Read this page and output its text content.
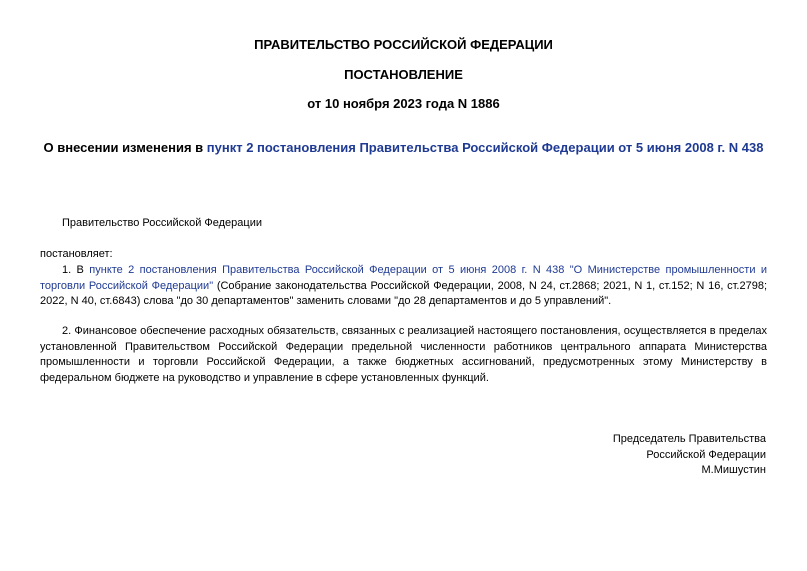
ПРАВИТЕЛЬСТВО РОССИЙСКОЙ ФЕДЕРАЦИИ
ПОСТАНОВЛЕНИЕ
от 10 ноября 2023 года N 1886
О внесении изменения в пункт 2 постановления Правительства Российской Федерации от 5 июня 2008 г. N 438
Правительство Российской Федерации
постановляет:
1. В пункте 2 постановления Правительства Российской Федерации от 5 июня 2008 г. N 438 "О Министерстве промышленности и торговли Российской Федерации" (Собрание законодательства Российской Федерации, 2008, N 24, ст.2868; 2021, N 1, ст.152; N 16, ст.2798; 2022, N 40, ст.6843) слова "до 30 департаментов" заменить словами "до 28 департаментов и до 5 управлений".
2. Финансовое обеспечение расходных обязательств, связанных с реализацией настоящего постановления, осуществляется в пределах установленной Правительством Российской Федерации предельной численности работников центрального аппарата Министерства промышленности и торговли Российской Федерации, а также бюджетных ассигнований, предусмотренных этому Министерству в федеральном бюджете на руководство и управление в сфере установленных функций.
Председатель Правительства
Российской Федерации
М.Мишустин
